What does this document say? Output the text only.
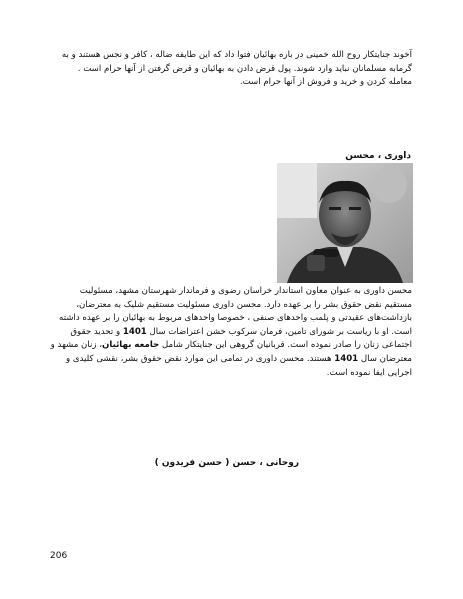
آخوند جنایتکار روح الله خمینی در باره بهائیان فتوا داد که این طایفه ضاله ، کافر و نجس هستند و به گرمابه مسلمانان نباید وارد شوند. پول قرض دادن به بهائیان و قرض گرفتن از آنها حرام است . معامله کردن و خرید و فروش از آنها حرام است.

داوری ، محسن

محسن داوری به عنوان معاون استاندار خراسان رضوی و فرماندار شهرستان مشهد، مسئولیت مستقیم نقض حقوق بشر را بر عهده دارد. محسن داوری مسئولیت مستقیم شلیک به معترضان، بازداشت‌های عقیدتی و پلمب واحدهای صنفی ، خصوصا واحدهای مربوط به بهائیان را بر عهده داشته است. او با ریاست بر شورای تامین، فرمان سرکوب خشن اعتراضات سال 1401 و تحدید حقوق اجتماعی زنان را صادر نموده است. قربانیان گروهی این جنایتکار شامل جامعه بهائیان، زنان مشهد و معترضان سال 1401 هستند. محسن داوری در تمامی این موارد نقض حقوق بشر، نقشی کلیدی و اجرایی ایفا نموده است.

روحانی ، حسن ( حسن فریدون )

206
